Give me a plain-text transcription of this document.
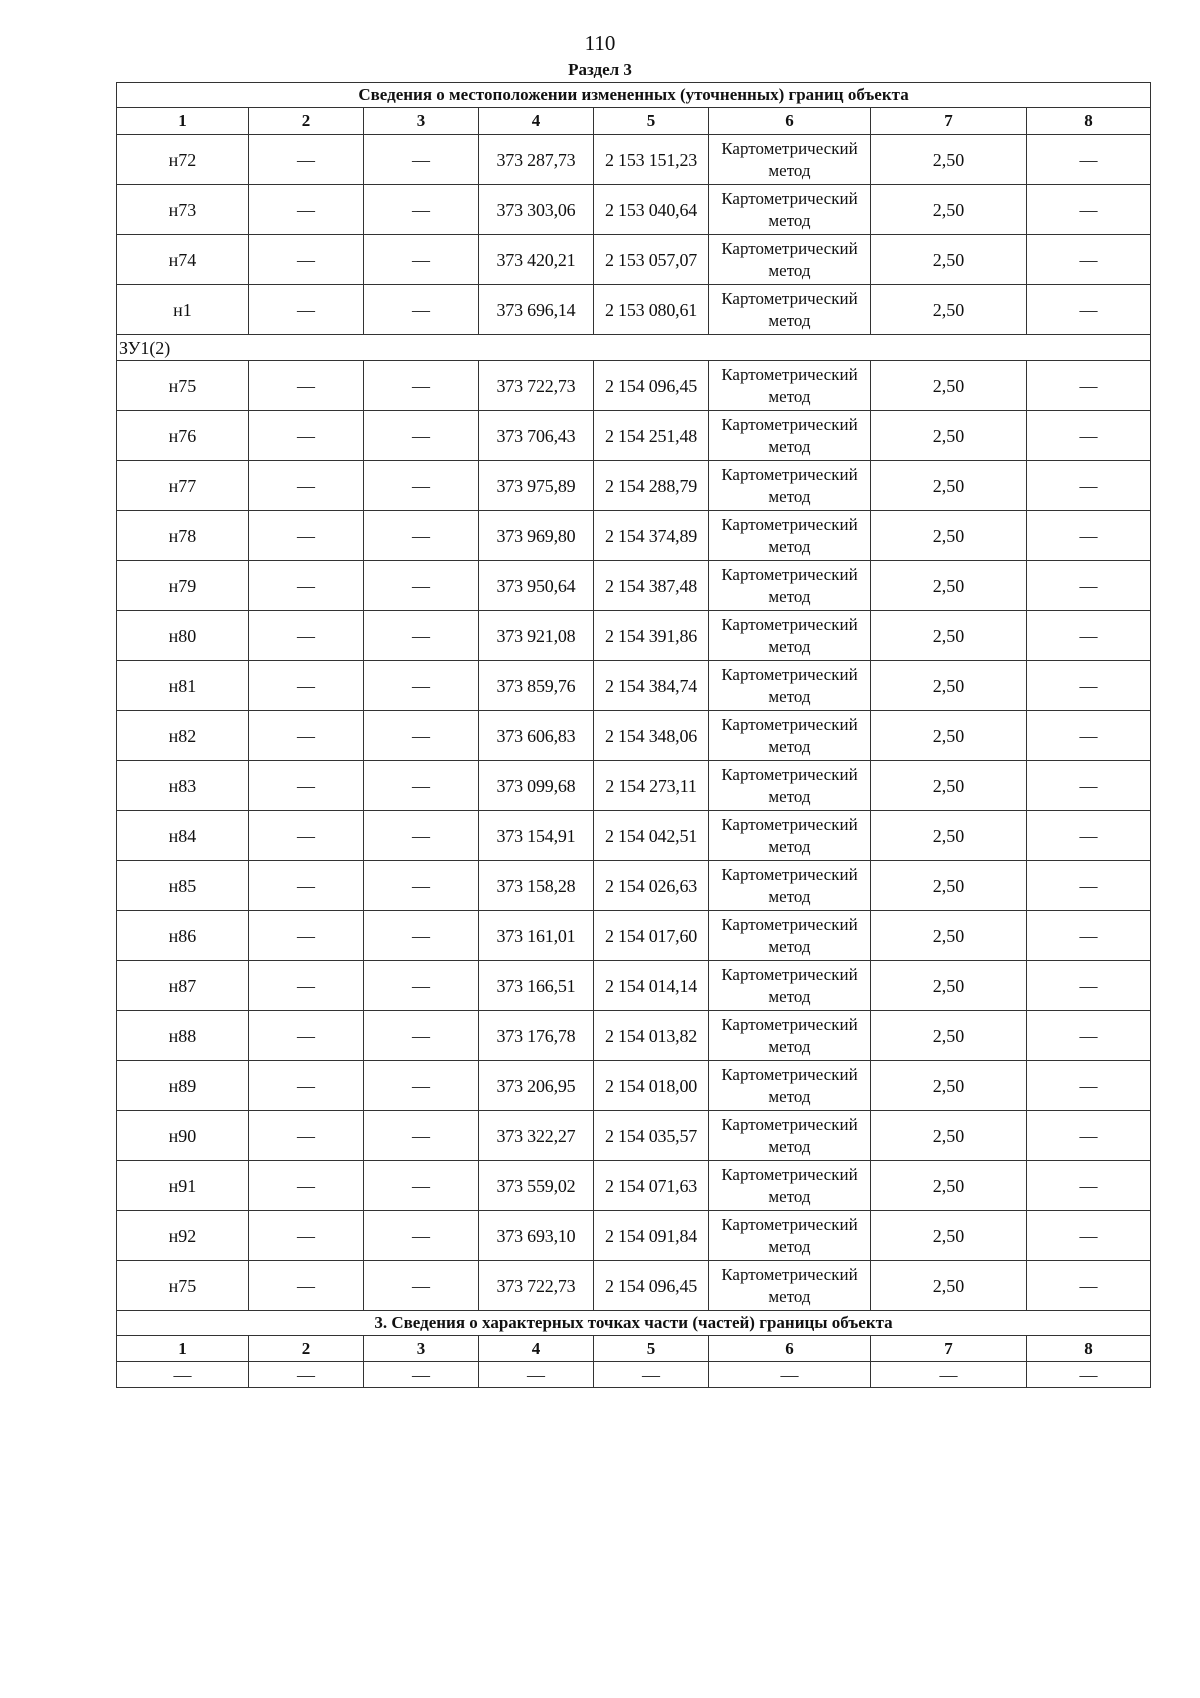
110
Раздел 3
Сведения о местоположении измененных (уточненных) границ объекта							
1	2	3	4	5	6	7	8
н72	—	—	373 287,73	2 153 151,23	Картометрический метод	2,50	—
н73	—	—	373 303,06	2 153 040,64	Картометрический метод	2,50	—
н74	—	—	373 420,21	2 153 057,07	Картометрический метод	2,50	—
н1	—	—	373 696,14	2 153 080,61	Картометрический метод	2,50	—
ЗУ1(2)							
н75	—	—	373 722,73	2 154 096,45	Картометрический метод	2,50	—
н76	—	—	373 706,43	2 154 251,48	Картометрический метод	2,50	—
н77	—	—	373 975,89	2 154 288,79	Картометрический метод	2,50	—
н78	—	—	373 969,80	2 154 374,89	Картометрический метод	2,50	—
н79	—	—	373 950,64	2 154 387,48	Картометрический метод	2,50	—
н80	—	—	373 921,08	2 154 391,86	Картометрический метод	2,50	—
н81	—	—	373 859,76	2 154 384,74	Картометрический метод	2,50	—
н82	—	—	373 606,83	2 154 348,06	Картометрический метод	2,50	—
н83	—	—	373 099,68	2 154 273,11	Картометрический метод	2,50	—
н84	—	—	373 154,91	2 154 042,51	Картометрический метод	2,50	—
н85	—	—	373 158,28	2 154 026,63	Картометрический метод	2,50	—
н86	—	—	373 161,01	2 154 017,60	Картометрический метод	2,50	—
н87	—	—	373 166,51	2 154 014,14	Картометрический метод	2,50	—
н88	—	—	373 176,78	2 154 013,82	Картометрический метод	2,50	—
н89	—	—	373 206,95	2 154 018,00	Картометрический метод	2,50	—
н90	—	—	373 322,27	2 154 035,57	Картометрический метод	2,50	—
н91	—	—	373 559,02	2 154 071,63	Картометрический метод	2,50	—
н92	—	—	373 693,10	2 154 091,84	Картометрический метод	2,50	—
н75	—	—	373 722,73	2 154 096,45	Картометрический метод	2,50	—
3. Сведения о характерных точках части (частей) границы объекта							
1	2	3	4	5	6	7	8
—	—	—	—	—	—	—	—
